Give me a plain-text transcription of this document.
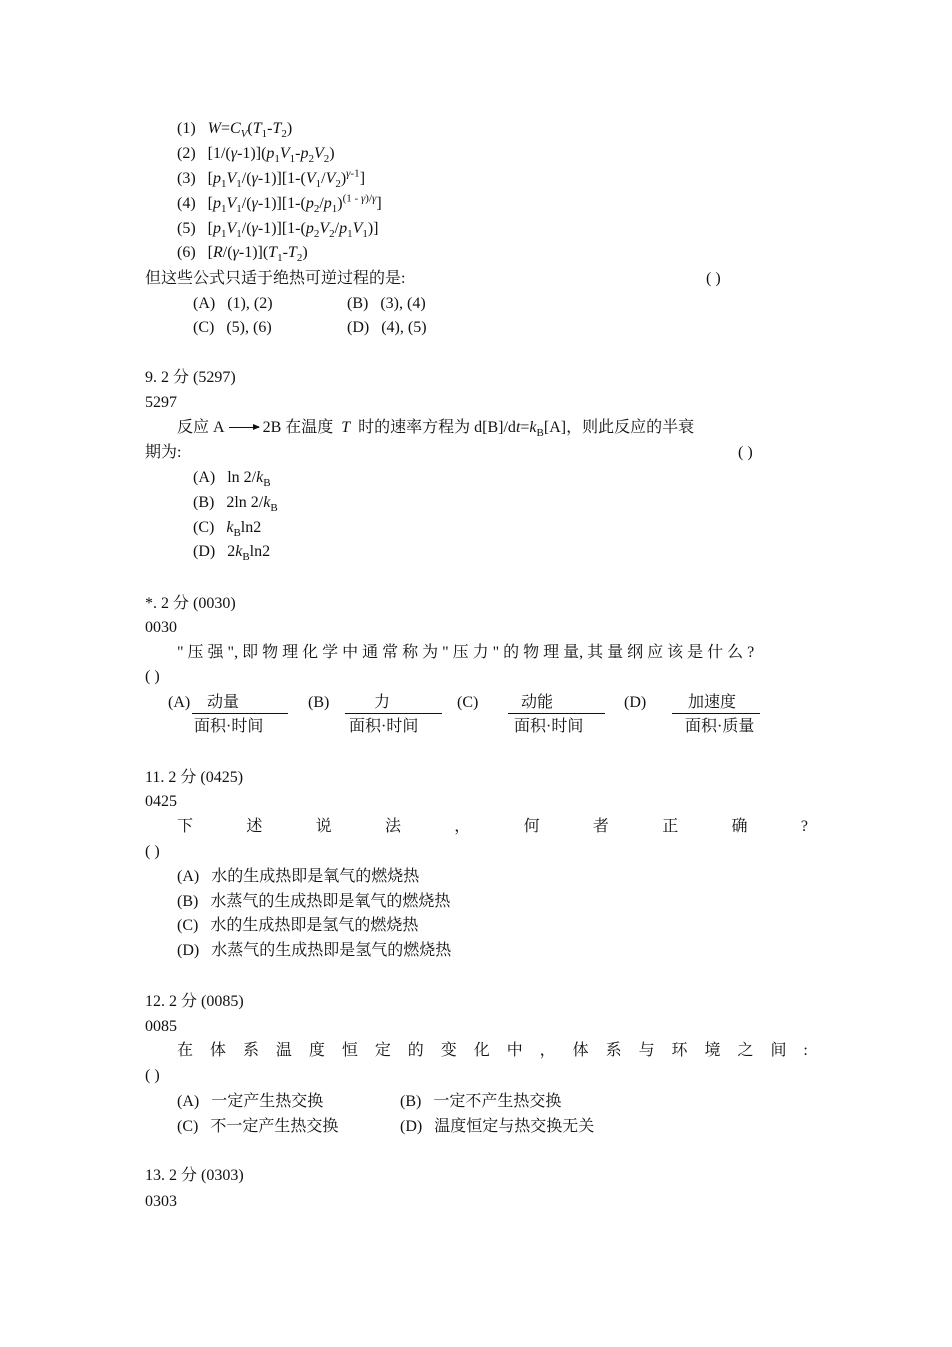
(1) $W=C_V(T_1-T_2)$
(2)   $[1/(\gamma-1)](p_1V_1-p_2V_2)$
(3)   $[p_1V_1/(\gamma-1)][1-(V_1/V_2)^{\gamma-1}]$
(4)   $[p_1V_1/(\gamma-1)][1-(p_2/p_1)^{(1 - \gamma)/\gamma}]$
(5)   $[p_1V_1/(\gamma-1)][1-(p_2V_2/p_1V_1)]$
(6)   $[R/(\gamma-1)](T_1-T_2)$
但这些公式只适于绝热可逆过程的是:	( )
(A) (1), (2)	(B) (3), (4)
(C) (5), (6)	(D) (4), (5)
9. 2 分 (5297)
5297
反应 A → 2B 在温度 T 时的速率方程为 $d[B]/dt=k_B[A]$，则此反应的半衰
期为:	( )
(A)   $\ln 2/k_B$
(B)   2ln $2/k_B$
(C) $k_B\ln 2$
(D)   $2k_B\ln 2$
*. 2 分 (0030)
0030
" 压 强 ", 即 物 理 化 学 中 通 常 称 为 " 压 力 " 的 物 理 量, 其 量 纲 应 该 是 什 么 ?
( )
(A) 动量
面积·时间
(B)	力
面积·时间
(C)	动能
面积·时间
(D)	加速度
面积·质量
11. 2 分 (0425)
0425
下	述	说	法	，	何	者	正	确	?
( )
(A) 水的生成热即是氧气的燃烧热
(B) 水蒸气的生成热即是氧气的燃烧热
(C) 水的生成热即是氢气的燃烧热
(D) 水蒸气的生成热即是氢气的燃烧热
12. 2 分 (0085)
0085
在 体 系 温 度 恒 定 的 变 化 中 ， 体 系 与 环 境 之 间 :
( )
(A) 一定产生热交换	(B) 一定不产生热交换
(C) 不一定产生热交换	(D) 温度恒定与热交换无关
13. 2 分 (0303)
0303
